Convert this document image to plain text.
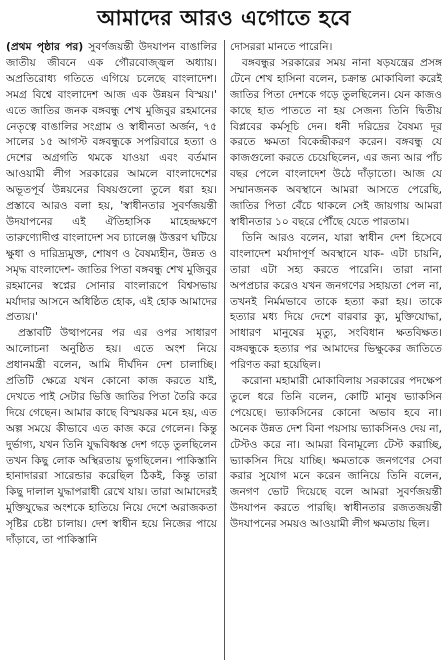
আমাদের আরও এগোতে হবে

(প্রথম পৃষ্ঠার পর) সুবর্ণজয়ন্তী উদযাপন বাঙালির জাতীয় জীবনে এক গৌরবোজ্জ্বল অধ্যায়। অপ্রতিরোধ্য গতিতে এগিয়ে চলেছে বাংলাদেশ। সমগ্র বিশ্বে বাংলাদেশ আজ এক উন্নয়ন বিস্ময়।' এতে জাতির জনক বঙ্গবন্ধু শেখ মুজিবুর রহমানের নেতৃত্বে বাঙালির সংগ্রাম ও স্বাধীনতা অর্জন, ৭৫ সালের ১৫ আগস্ট বঙ্গবন্ধুকে সপরিবারে হত্যা ও দেশের অগ্রগতি থমকে যাওয়া এবং বর্তমান আওয়ামী লীগ সরকারের আমলে বাংলাদেশের অভূতপূর্ব উন্নয়নের বিষয়গুলো তুলে ধরা হয়। প্রস্তাবে আরও বলা হয়, 'স্বাধীনতার সুবর্ণজয়ন্তী উদযাপনের এই ঐতিহাসিক মাহেন্দ্রক্ষণে তারুণ্যোদীপ্ত বাংলাদেশ সব চ্যালেঞ্জ উত্তরণ ঘটিয়ে ক্ষুধা ও দারিদ্র্যমুক্ত, শোষণ ও বৈষম্যহীন, উন্নত ও সমৃদ্ধ বাংলাদেশ- জাতির পিতা বঙ্গবন্ধু শেখ মুজিবুর রহমানের স্বপ্নের সোনার বাংলারূপে বিশ্বসভায় মর্যাদার আসনে অধিষ্ঠিত হোক, এই হোক আমাদের প্রত্যয়।'

প্রস্তাবটি উত্থাপনের পর এর ওপর সাধারণ আলোচনা অনুষ্ঠিত হয়। এতে অংশ নিয়ে প্রধানমন্ত্রী বলেন, আমি দীর্ঘদিন দেশ চালাচ্ছি। প্রতিটি ক্ষেত্রে যখন কোনো কাজ করতে যাই, দেখতে পাই সেটার ভিত্তি জাতির পিতা তৈরি করে দিয়ে গেছেন। আমার কাছে বিস্ময়কর মনে হয়, এত অল্প সময়ে কীভাবে এত কাজ করে গেলেন। কিন্তু দুর্ভাগ্য, যখন তিনি যুদ্ধবিধ্বস্ত দেশ গড়ে তুলছিলেন তখন কিছু লোক অস্থিরতায় ভুগছিলেন। পাকিস্তানি হানাদাররা সারেন্ডার করেছিল ঠিকই, কিন্তু তারা কিছু দালাল যুদ্ধাপরাধী রেখে যায়। তারা আমাদেরই মুক্তিযুদ্ধের অংশকে হাতিয়ে নিয়ে দেশে অরাজকতা সৃষ্টির চেষ্টা চালায়। দেশ স্বাধীন হয়ে নিজের পায়ে দাঁড়াবে, তা পাকিস্তানি

দোসররা মানতে পারেনি।

বঙ্গবন্ধুর সরকারের সময় নানা ষড়যন্ত্রের প্রসঙ্গ টেনে শেখ হাসিনা বলেন, চক্রান্ত মোকাবিলা করেই জাতির পিতা দেশকে গড়ে তুলছিলেন। যেন কাজও কাছে হাত পাততে না হয় সেজন্য তিনি দ্বিতীয় বিপ্লবের কর্মসূচি দেন। ধনী দরিদ্রের বৈষম্য দূর করতে ক্ষমতা বিকেন্দ্রীকরণ করেন। বঙ্গবন্ধু যে কাজগুলো করতে চেয়েছিলেন, এর জন্য আর পাঁচ বছর পেলে বাংলাদেশ উঠে দাঁড়াতো। আজ যে সম্মানজনক অবস্থানে আমরা আসতে পেরেছি, জাতির পিতা বেঁচে থাকলে সেই জায়গায় আমরা স্বাধীনতার ১০ বছরে পৌঁছে যেতে পারতাম।

তিনি আরও বলেন, যারা স্বাধীন দেশ হিসেবে বাংলাদেশ মর্যাদাপূর্ণ অবস্থানে যাক- এটা চায়নি, তারা এটা সহ্য করতে পারেনি। তারা নানা অপপ্রচার করেও যখন জনগণের সহায়তা পেল না, তখনই নির্মমভাবে তাকে হত্যা করা হয়। তাকে হত্যার মধ্য দিয়ে দেশে বারবার ক্যু, মুক্তিযোদ্ধা, সাধারণ মানুষের মৃত্যু, সংবিধান ক্ষতবিক্ষত। বঙ্গবন্ধুকে হত্যার পর আমাদের ভিক্ষুকের জাতিতে পরিণত করা হয়েছিল।

করোনা মহামারী মোকাবিলায় সরকারের পদক্ষেপ তুলে ধরে তিনি বলেন, কোটি মানুষ ভ্যাকসিন পেয়েছে। ভ্যাকসিনের কোনো অভাব হবে না। অনেক উন্নত দেশ বিনা পয়সায় ভ্যাকসিনও দেয় না, টেস্টও করে না। আমরা বিনামূল্যে টেস্ট করাচ্ছি, ভ্যাকসিন দিয়ে যাচ্ছি। ক্ষমতাকে জনগণের সেবা করার সুযোগ মনে করেন জানিয়ে তিনি বলেন, জনগণ ভোট দিয়েছে বলে আমরা সুবর্ণজয়ন্তী উদযাপন করতে পারছি। স্বাধীনতার রজতজয়ন্তী উদযাপনের সময়ও আওয়ামী লীগ ক্ষমতায় ছিল।
